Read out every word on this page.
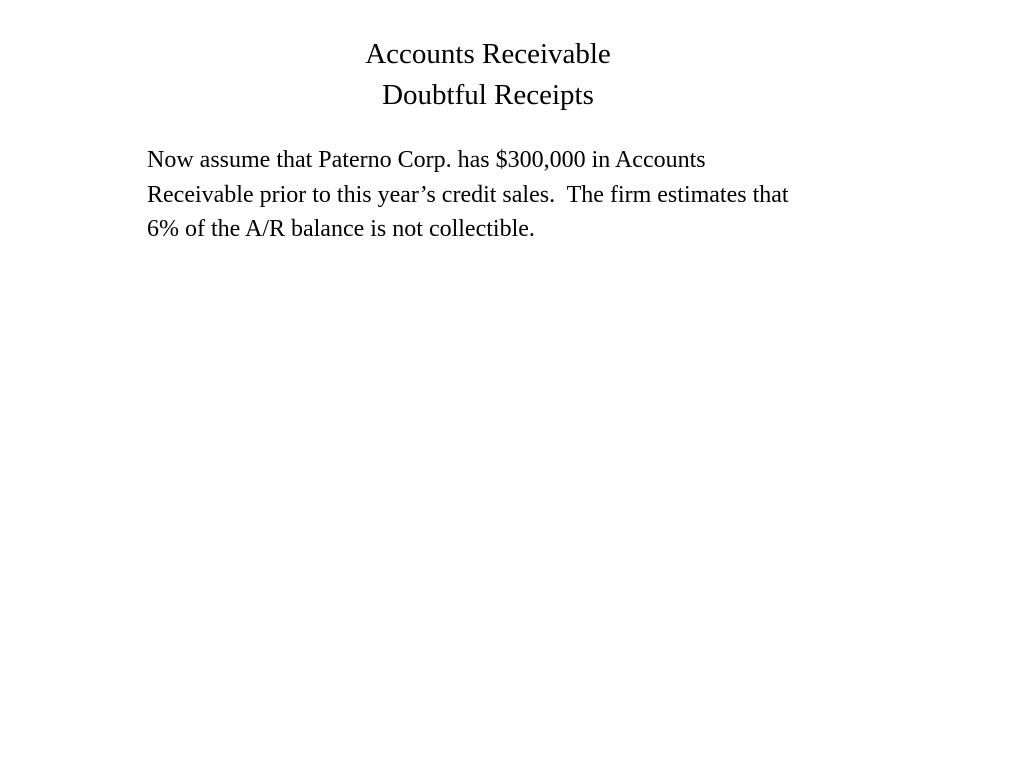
Accounts Receivable
Doubtful Receipts
Now assume that Paterno Corp. has $300,000 in Accounts
Receivable prior to this year’s credit sales.  The firm estimates that
6% of the A/R balance is not collectible.
